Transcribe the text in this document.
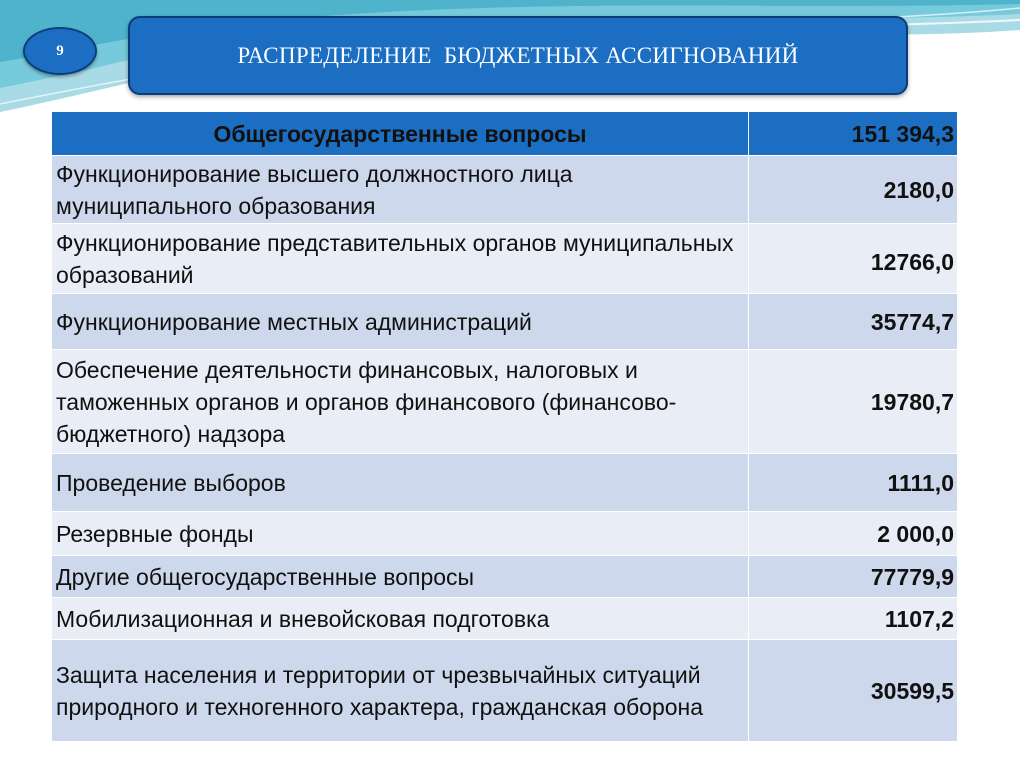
9	РАСПРЕДЕЛЕНИЕ  БЮДЖЕТНЫХ АССИГНОВАНИЙ
Общегосударственные вопросы	151 394,3
Функционирование высшего должностного лица муниципального образования	2180,0
Функционирование представительных органов муниципальных образований	12766,0
Функционирование местных администраций	35774,7
Обеспечение деятельности финансовых, налоговых и таможенных органов и органов финансового (финансово-бюджетного) надзора	19780,7
Проведение выборов	1111,0
Резервные фонды	2 000,0
Другие общегосударственные вопросы	77779,9
Мобилизационная и вневойсковая подготовка	1107,2
Защита населения и территории от чрезвычайных ситуаций природного и техногенного характера, гражданская оборона	30599,5
